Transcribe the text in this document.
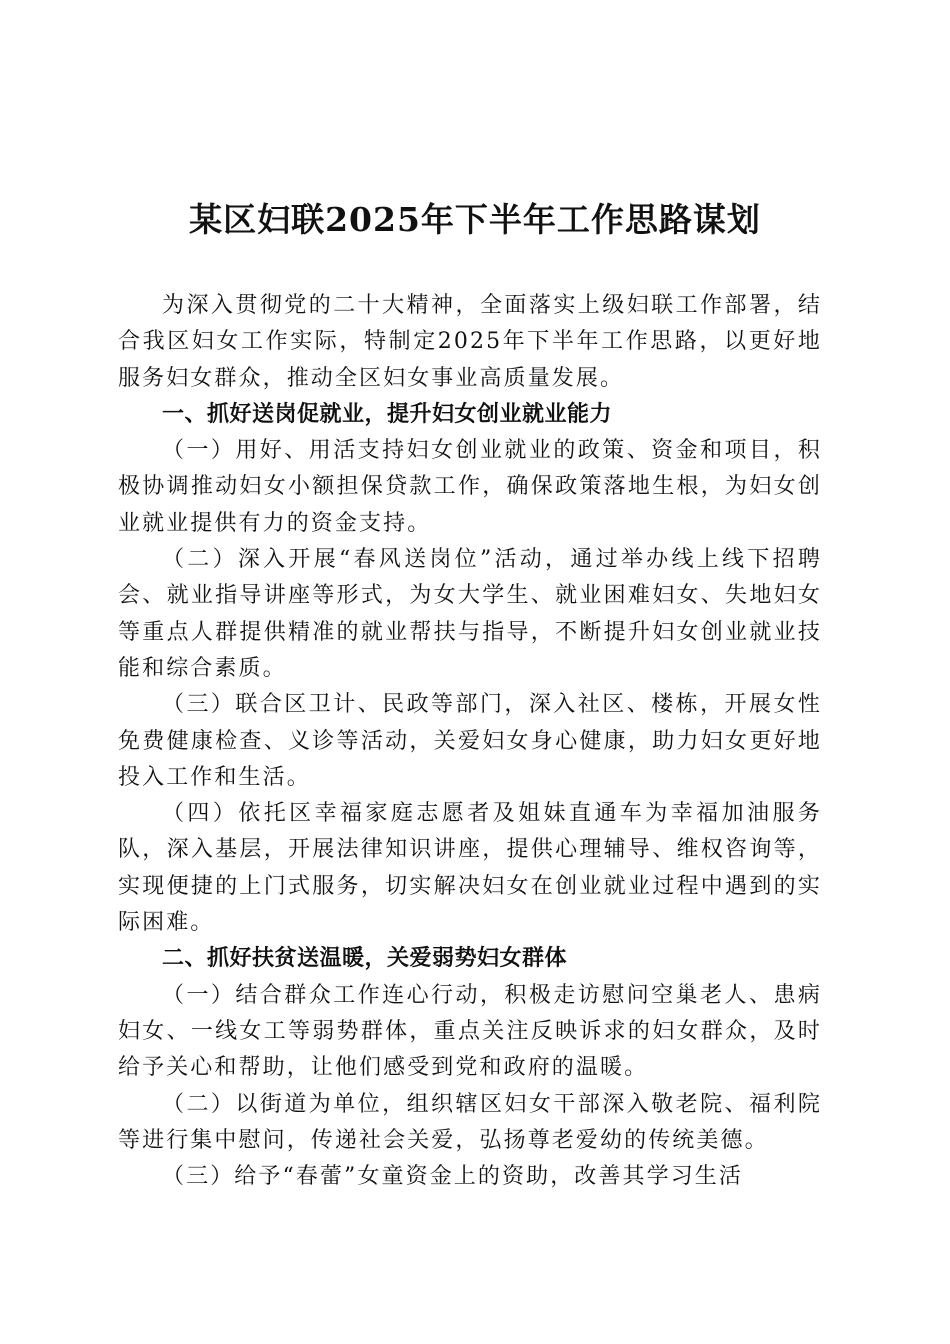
某区妇联2025年下半年工作思路谋划

为深入贯彻党的二十大精神，全面落实上级妇联工作部署，结合我区妇女工作实际，特制定2025年下半年工作思路，以更好地服务妇女群众，推动全区妇女事业高质量发展。

一、抓好送岗促就业，提升妇女创业就业能力

（一）用好、用活支持妇女创业就业的政策、资金和项目，积极协调推动妇女小额担保贷款工作，确保政策落地生根，为妇女创业就业提供有力的资金支持。

（二）深入开展“春风送岗位”活动，通过举办线上线下招聘会、就业指导讲座等形式，为女大学生、就业困难妇女、失地妇女等重点人群提供精准的就业帮扶与指导，不断提升妇女创业就业技能和综合素质。

（三）联合区卫计、民政等部门，深入社区、楼栋，开展女性免费健康检查、义诊等活动，关爱妇女身心健康，助力妇女更好地投入工作和生活。

（四）依托区幸福家庭志愿者及姐妹直通车为幸福加油服务队，深入基层，开展法律知识讲座，提供心理辅导、维权咨询等，实现便捷的上门式服务，切实解决妇女在创业就业过程中遇到的实际困难。

二、抓好扶贫送温暖，关爱弱势妇女群体

（一）结合群众工作连心行动，积极走访慰问空巢老人、患病妇女、一线女工等弱势群体，重点关注反映诉求的妇女群众，及时给予关心和帮助，让他们感受到党和政府的温暖。

（二）以街道为单位，组织辖区妇女干部深入敬老院、福利院等进行集中慰问，传递社会关爱，弘扬尊老爱幼的传统美德。

（三）给予“春蕾”女童资金上的资助，改善其学习生活
